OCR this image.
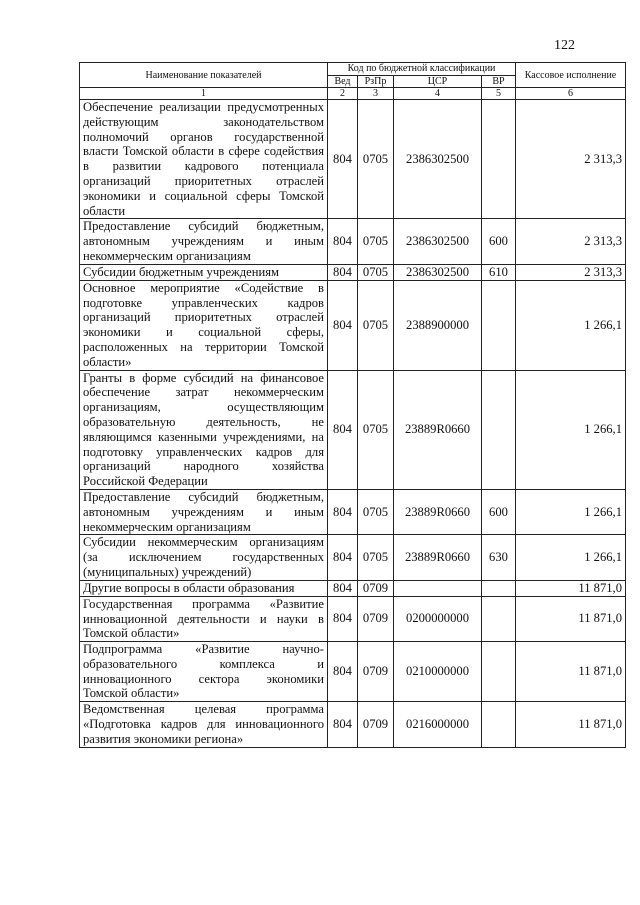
122
Наименование показателей	Код по бюджетной классификации				Кассовое исполнение
	Вед	РзПр	ЦСР	ВР	
1	2	3	4	5	6
Обеспечение реализации предусмотренных действующим законодательством полномочий органов государственной власти Томской области в сфере содействия в развитии кадрового потенциала организаций приоритетных отраслей экономики и социальной сферы Томской области	804	0705	2386302500		2 313,3
Предоставление субсидий бюджетным, автономным учреждениям и иным некоммерческим организациям	804	0705	2386302500	600	2 313,3
Субсидии бюджетным учреждениям	804	0705	2386302500	610	2 313,3
Основное мероприятие «Содействие в подготовке управленческих кадров организаций приоритетных отраслей экономики и социальной сферы, расположенных на территории Томской области»	804	0705	2388900000		1 266,1
Гранты в форме субсидий на финансовое обеспечение затрат некоммерческим организациям, осуществляющим образовательную деятельность, не являющимся казенными учреждениями, на подготовку управленческих кадров для организаций народного хозяйства Российской Федерации	804	0705	23889R0660		1 266,1
Предоставление субсидий бюджетным, автономным учреждениям и иным некоммерческим организациям	804	0705	23889R0660	600	1 266,1
Субсидии некоммерческим организациям (за исключением государственных (муниципальных) учреждений)	804	0705	23889R0660	630	1 266,1
Другие вопросы в области образования	804	0709			11 871,0
Государственная программа «Развитие инновационной деятельности и науки в Томской области»	804	0709	0200000000		11 871,0
Подпрограмма «Развитие научно-образовательного комплекса и инновационного сектора экономики Томской области»	804	0709	0210000000		11 871,0
Ведомственная целевая программа «Подготовка кадров для инновационного развития экономики региона»	804	0709	0216000000		11 871,0
